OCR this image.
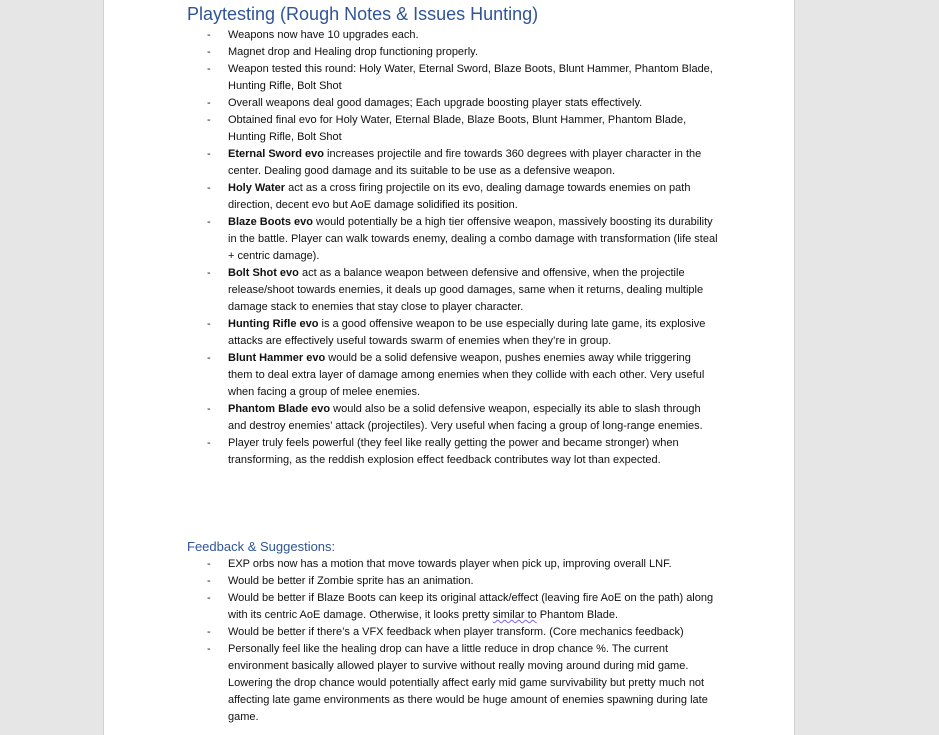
Playtesting (Rough Notes & Issues Hunting)
- Weapons now have 10 upgrades each.
- Magnet drop and Healing drop functioning properly.
- Weapon tested this round: Holy Water, Eternal Sword, Blaze Boots, Blunt Hammer, Phantom Blade, Hunting Rifle, Bolt Shot
- Overall weapons deal good damages; Each upgrade boosting player stats effectively.
- Obtained final evo for Holy Water, Eternal Blade, Blaze Boots, Blunt Hammer, Phantom Blade, Hunting Rifle, Bolt Shot
- Eternal Sword evo increases projectile and fire towards 360 degrees with player character in the center. Dealing good damage and its suitable to be use as a defensive weapon.
- Holy Water act as a cross firing projectile on its evo, dealing damage towards enemies on path direction, decent evo but AoE damage solidified its position.
- Blaze Boots evo would potentially be a high tier offensive weapon, massively boosting its durability in the battle. Player can walk towards enemy, dealing a combo damage with transformation (life steal + centric damage).
- Bolt Shot evo act as a balance weapon between defensive and offensive, when the projectile release/shoot towards enemies, it deals up good damages, same when it returns, dealing multiple damage stack to enemies that stay close to player character.
- Hunting Rifle evo is a good offensive weapon to be use especially during late game, its explosive attacks are effectively useful towards swarm of enemies when they’re in group.
- Blunt Hammer evo would be a solid defensive weapon, pushes enemies away while triggering them to deal extra layer of damage among enemies when they collide with each other. Very useful when facing a group of melee enemies.
- Phantom Blade evo would also be a solid defensive weapon, especially its able to slash through and destroy enemies’ attack (projectiles). Very useful when facing a group of long-range enemies.
- Player truly feels powerful (they feel like really getting the power and became stronger) when transforming, as the reddish explosion effect feedback contributes way lot than expected.
Feedback & Suggestions:
- EXP orbs now has a motion that move towards player when pick up, improving overall LNF.
- Would be better if Zombie sprite has an animation.
- Would be better if Blaze Boots can keep its original attack/effect (leaving fire AoE on the path) along with its centric AoE damage. Otherwise, it looks pretty similar to Phantom Blade.
- Would be better if there’s a VFX feedback when player transform. (Core mechanics feedback)
- Personally feel like the healing drop can have a little reduce in drop chance %. The current environment basically allowed player to survive without really moving around during mid game. Lowering the drop chance would potentially affect early mid game survivability but pretty much not affecting late game environments as there would be huge amount of enemies spawning during late game.
